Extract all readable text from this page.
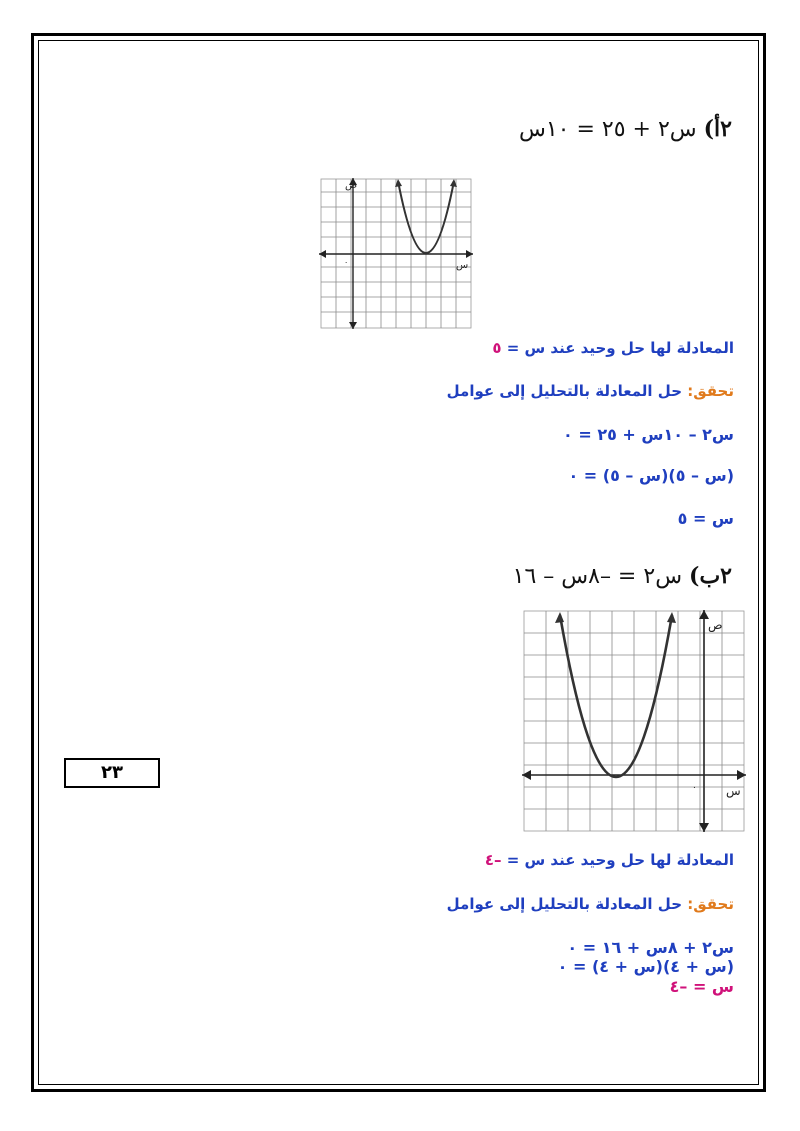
٢أ) س٢ + ٢٥ = ١٠س
ص
س
٠
المعادلة لها حل وحيد عند س = ٥
تحقق: حل المعادلة بالتحليل إلى عوامل
س٢ – ١٠س + ٢٥ = ٠
(س – ٥)(س – ٥) = ٠
س = ٥
٢ب) س٢ = –٨س – ١٦
ص
س
٠
المعادلة لها حل وحيد عند س = –٤
تحقق: حل المعادلة بالتحليل إلى عوامل
س٢ + ٨س + ١٦ = ٠
(س + ٤)(س + ٤) = ٠
س = –٤
٢٣
